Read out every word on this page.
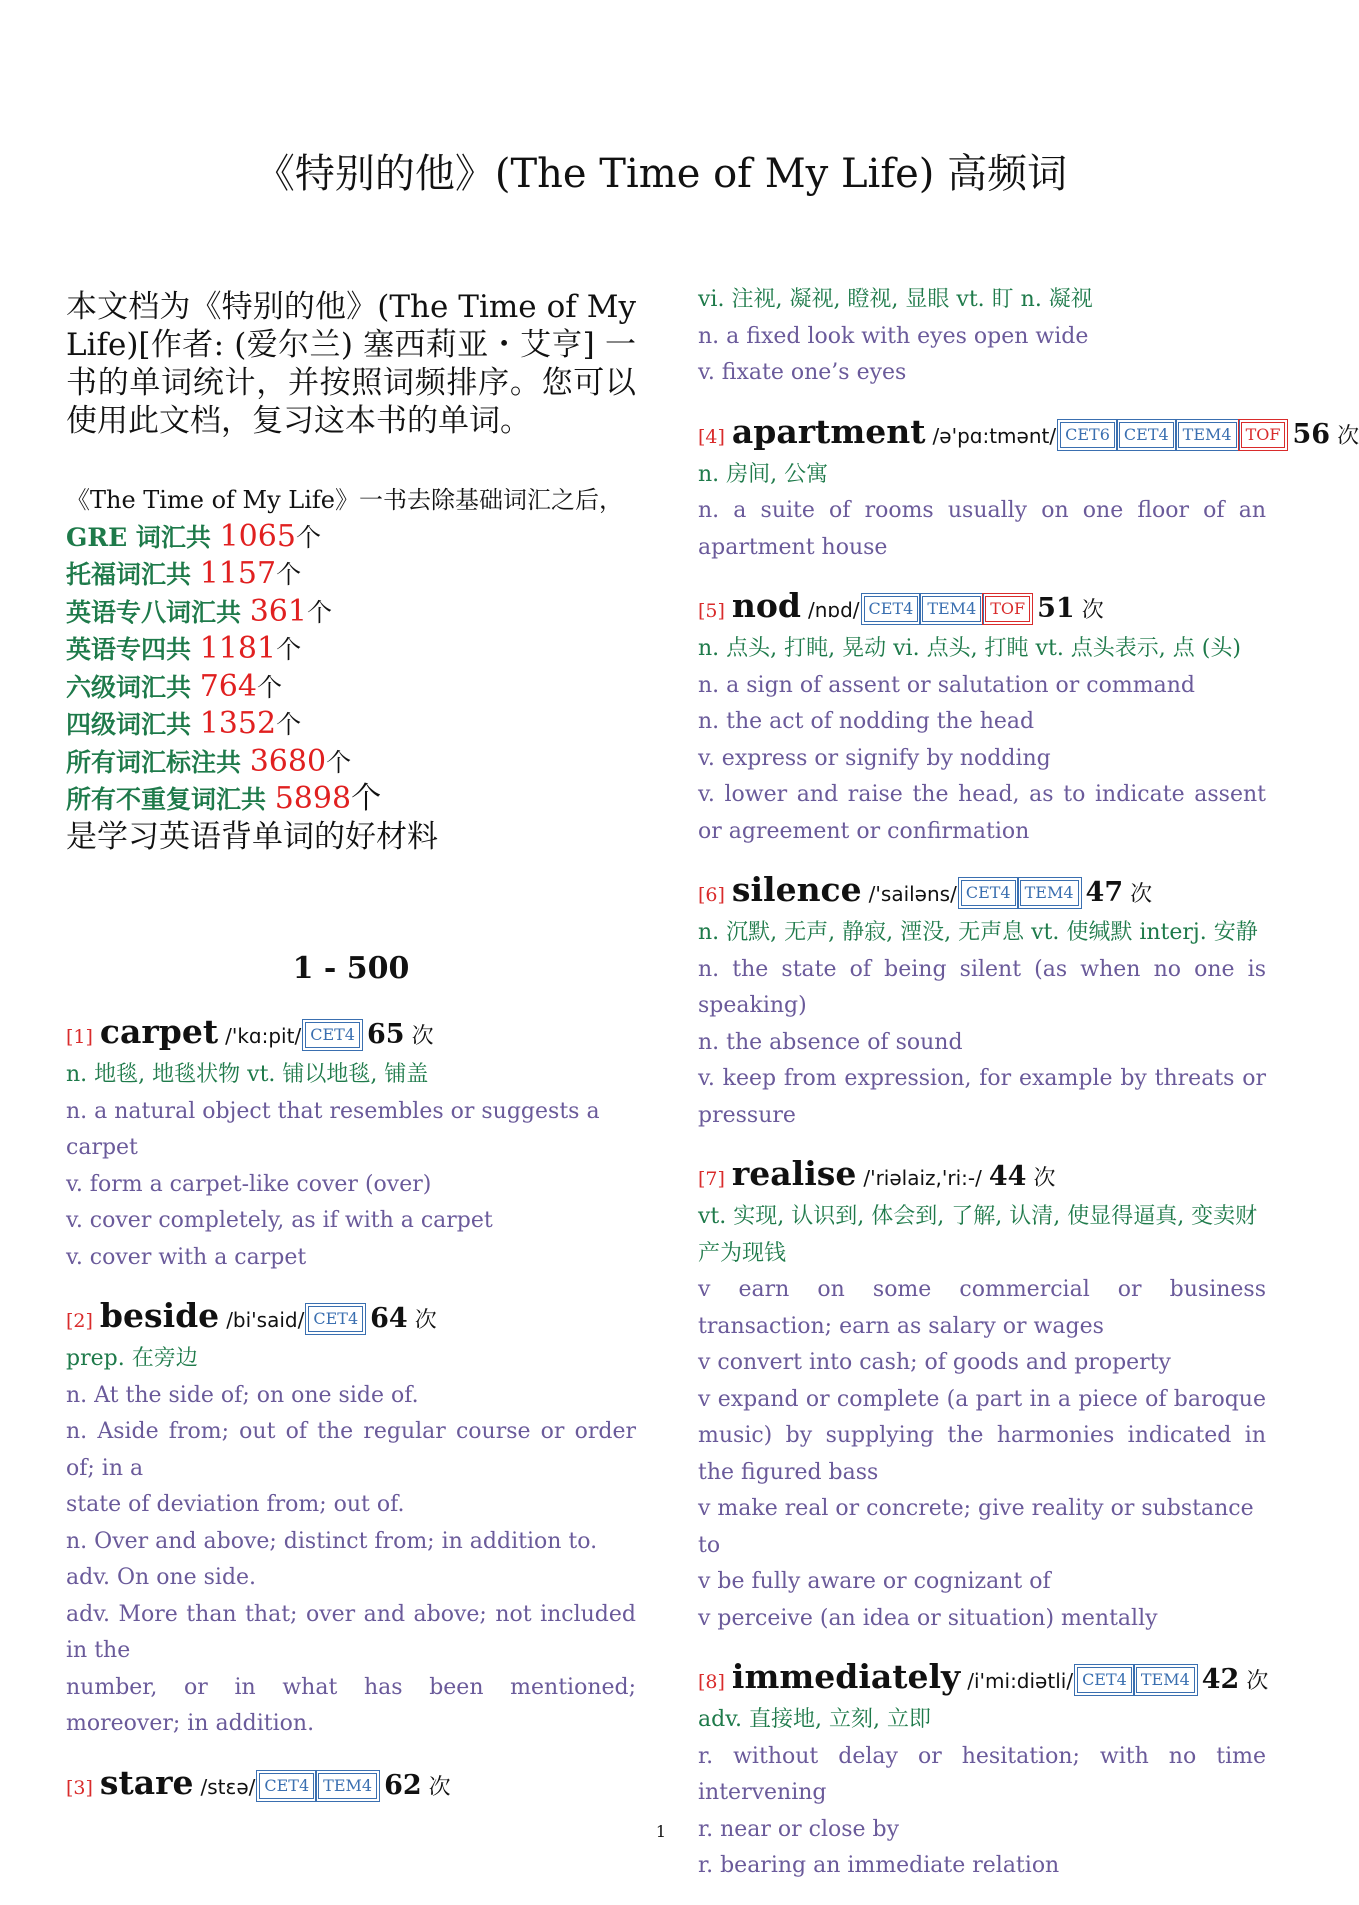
《特别的他》(The Time of My Life) 高频词

本文档为《特别的他》(The Time of My Life)[作者: (爱尔兰) 塞西莉亚・艾亨] 一书的单词统计，并按照词频排序。您可以使用此文档，复习这本书的单词。

《The Time of My Life》一书去除基础词汇之后，
GRE 词汇共 1065个
托福词汇共 1157个
英语专八词汇共 361个
英语专四共 1181个
六级词汇共 764个
四级词汇共 1352个
所有词汇标注共 3680个
所有不重复词汇共 5898个
是学习英语背单词的好材料
1 - 500
[1] carpet /'kɑ:pit/ CET4 65 次

n. 地毯, 地毯状物 vt. 铺以地毯, 铺盖

n. a natural object that resembles or suggests a carpet

v. form a carpet-like cover (over)

v. cover completely, as if with a carpet

v. cover with a carpet

[2] beside /bi'said/ CET4 64 次

prep. 在旁边

n. At the side of; on one side of.

n. Aside from; out of the regular course or order of; in a

state of deviation from; out of.

n. Over and above; distinct from; in addition to.

adv. On one side.

adv. More than that; over and above; not included in the

number, or in what has been mentioned; moreover; in addition.

[3] stare /stɛə/ CET4 TEM4 62 次

vi. 注视, 凝视, 瞪视, 显眼 vt. 盯 n. 凝视

n. a fixed look with eyes open wide

v. fixate one’s eyes

[4] apartment /ə'pɑ:tmənt/ CET6 CET4 TEM4 TOF 56 次

n. 房间, 公寓

n. a suite of rooms usually on one floor of an apartment house

[5] nod /nɒd/ CET4 TEM4 TOF 51 次

n. 点头, 打盹, 晃动 vi. 点头, 打盹 vt. 点头表示, 点 (头)

n. a sign of assent or salutation or command

n. the act of nodding the head

v. express or signify by nodding

v. lower and raise the head, as to indicate assent or agreement or confirmation

[6] silence /'sailəns/ CET4 TEM4 47 次

n. 沉默, 无声, 静寂, 湮没, 无声息 vt. 使缄默 interj. 安静

n. the state of being silent (as when no one is speaking)

n. the absence of sound

v. keep from expression, for example by threats or pressure

[7] realise /'riəlaiz,'ri:-/ 44 次

vt. 实现, 认识到, 体会到, 了解, 认清, 使显得逼真, 变卖财产为现钱

v earn on some commercial or business transaction; earn as salary or wages

v convert into cash; of goods and property

v expand or complete (a part in a piece of baroque music) by supplying the harmonies indicated in the figured bass

v make real or concrete; give reality or substance to

v be fully aware or cognizant of

v perceive (an idea or situation) mentally

[8] immediately /i'mi:diətli/ CET4 TEM4 42 次

adv. 直接地, 立刻, 立即

r. without delay or hesitation; with no time intervening

r. near or close by

r. bearing an immediate relation

1
